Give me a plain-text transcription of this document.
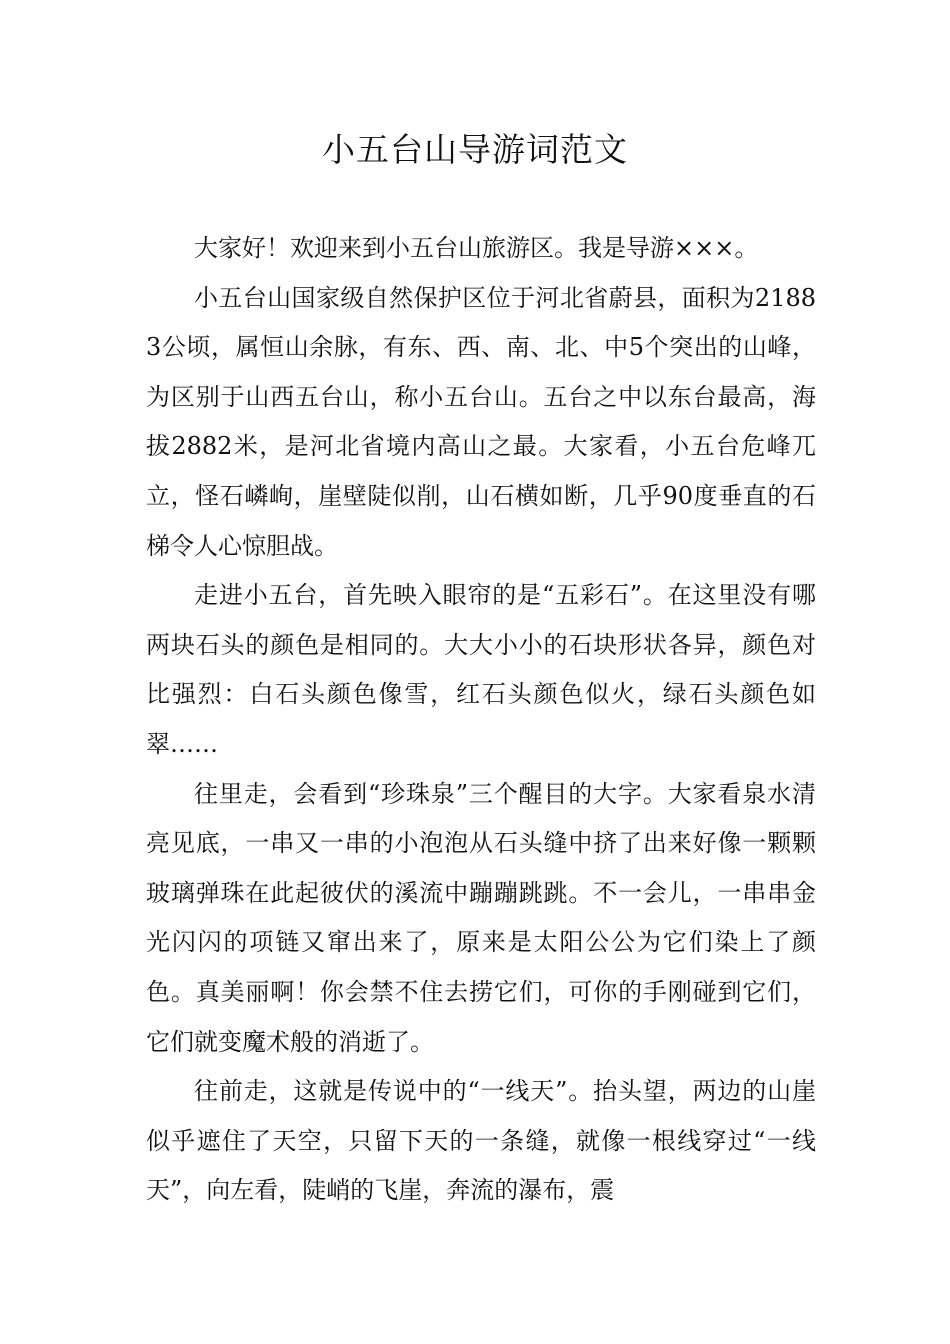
小五台山导游词范文

大家好！欢迎来到小五台山旅游区。我是导游×××。

小五台山国家级自然保护区位于河北省蔚县，面积为21883公顷，属恒山余脉，有东、西、南、北、中5个突出的山峰，为区别于山西五台山，称小五台山。五台之中以东台最高，海拔2882米，是河北省境内高山之最。大家看，小五台危峰兀立，怪石嶙峋，崖壁陡似削，山石横如断，几乎90度垂直的石梯令人心惊胆战。

走进小五台，首先映入眼帘的是“五彩石”。在这里没有哪两块石头的颜色是相同的。大大小小的石块形状各异，颜色对比强烈：白石头颜色像雪，红石头颜色似火，绿石头颜色如翠……

往里走，会看到“珍珠泉”三个醒目的大字。大家看泉水清亮见底，一串又一串的小泡泡从石头缝中挤了出来好像一颗颗玻璃弹珠在此起彼伏的溪流中蹦蹦跳跳。不一会儿，一串串金光闪闪的项链又窜出来了，原来是太阳公公为它们染上了颜色。真美丽啊！你会禁不住去捞它们，可你的手刚碰到它们，它们就变魔术般的消逝了。

往前走，这就是传说中的“一线天”。抬头望，两边的山崖似乎遮住了天空，只留下天的一条缝，就像一根线穿过“一线天”，向左看，陡峭的飞崖，奔流的瀑布，震
